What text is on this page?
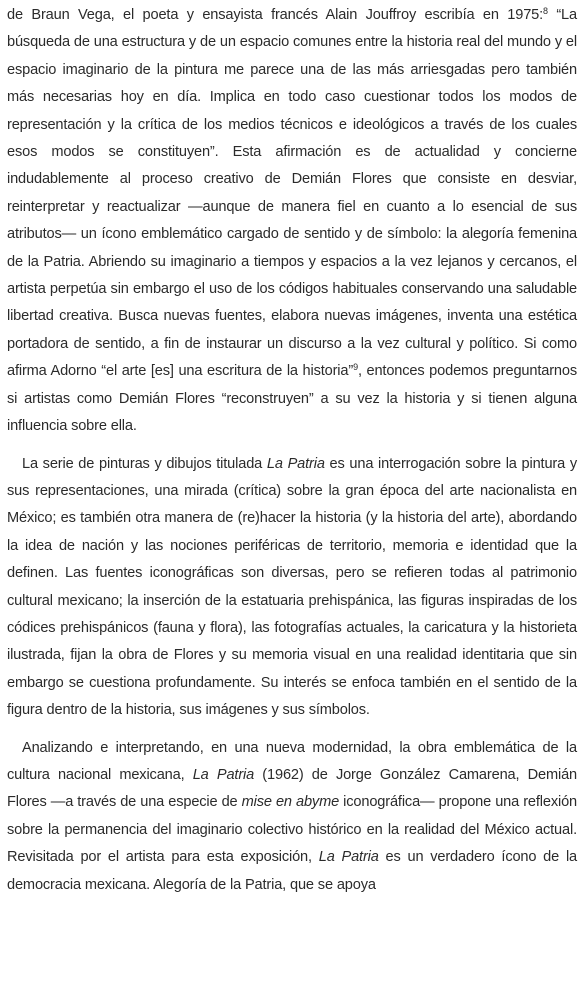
de Braun Vega, el poeta y ensayista francés Alain Jouffroy escribía en 1975:$^8$ “La búsqueda de una estructura y de un espacio comunes entre la historia real del mundo y el espacio imaginario de la pintura me parece una de las más arriesgadas pero también más necesarias hoy en día. Implica en todo caso cuestionar todos los modos de representación y la crítica de los medios técnicos e ideológicos a través de los cuales esos modos se constituyen”. Esta afirmación es de actualidad y concierne indudablemente al proceso creativo de Demián Flores que consiste en desviar, reinterpretar y reactualizar —aunque de manera fiel en cuanto a lo esencial de sus atributos— un ícono emblemático cargado de sentido y de símbolo: la alegoría femenina de la Patria. Abriendo su imaginario a tiempos y espacios a la vez lejanos y cercanos, el artista perpetúa sin embargo el uso de los códigos habituales conservando una saludable libertad creativa. Busca nuevas fuentes, elabora nuevas imágenes, inventa una estética portadora de sentido, a fin de instaurar un discurso a la vez cultural y político. Si como afirma Adorno “el arte [es] una escritura de la historia”$^9$, entonces podemos preguntarnos si artistas como Demián Flores “reconstruyen” a su vez la historia y si tienen alguna influencia sobre ella.

La serie de pinturas y dibujos titulada La Patria es una interrogación sobre la pintura y sus representaciones, una mirada (crítica) sobre la gran época del arte nacionalista en México; es también otra manera de (re)hacer la historia (y la historia del arte), abordando la idea de nación y las nociones periféricas de territorio, memoria e identidad que la definen. Las fuentes iconográficas son diversas, pero se refieren todas al patrimonio cultural mexicano; la inserción de la estatuaria prehispánica, las figuras inspiradas de los códices prehispánicos (fauna y flora), las fotografías actuales, la caricatura y la historieta ilustrada, fijan la obra de Flores y su memoria visual en una realidad identitaria que sin embargo se cuestiona profundamente. Su interés se enfoca también en el sentido de la figura dentro de la historia, sus imágenes y sus símbolos.

Analizando e interpretando, en una nueva modernidad, la obra emblemática de la cultura nacional mexicana, La Patria (1962) de Jorge González Camarena, Demián Flores —a través de una especie de mise en abyme iconográfica— propone una reflexión sobre la permanencia del imaginario colectivo histórico en la realidad del México actual. Revisitada por el artista para esta exposición, La Patria es un verdadero ícono de la democracia mexicana. Alegoría de la Patria, que se apoya
